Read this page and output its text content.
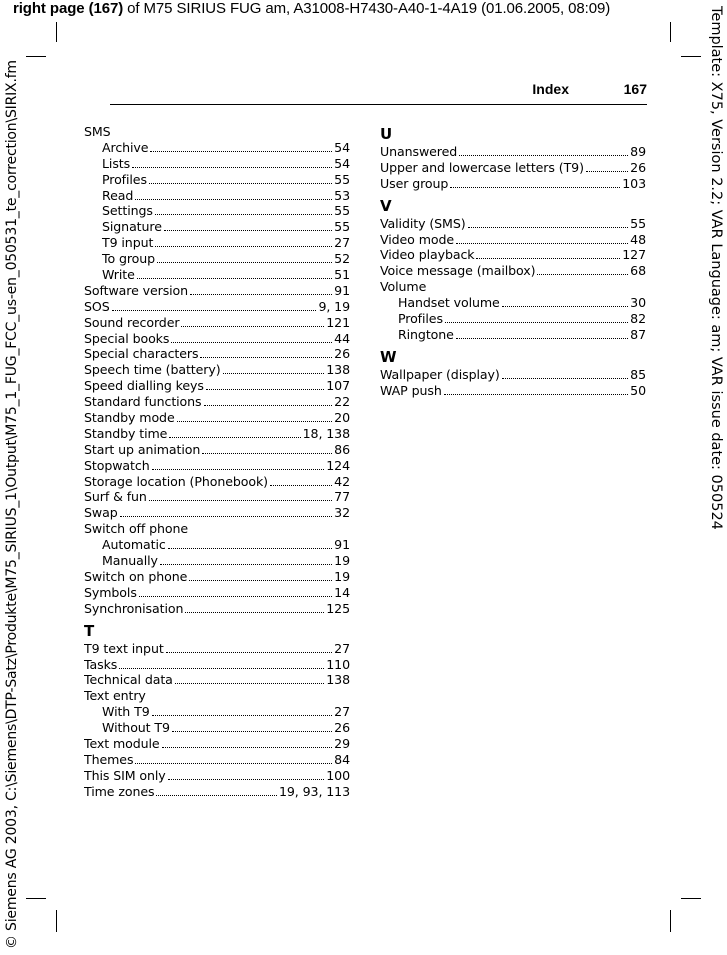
right page (167) of M75 SIRIUS FUG am, A31008-H7430-A40-1-4A19 (01.06.2005, 08:09)
© Siemens AG 2003, C:\Siemens\DTP-Satz\Produkte\M75_SIRIUS_1\Output\M75_1_FUG_FCC_us-en_050531_te_correction\SIRIX.fm	Template: X75, Version 2.2; VAR Language: am; VAR issue date: 050524
Index	167
SMS
Archive	54
Lists	54
Profiles	55
Read	53
Settings	55
Signature	55
T9 input	27
To group	52
Write	51
Software version	91
SOS	9, 19
Sound recorder	121
Special books	44
Special characters	26
Speech time (battery)	138
Speed dialling keys	107
Standard functions	22
Standby mode	20
Standby time	18, 138
Start up animation	86
Stopwatch	124
Storage location (Phonebook)	42
Surf & fun	77
Swap	32
Switch off phone
Automatic	91
Manually	19
Switch on phone	19
Symbols	14
Synchronisation	125
T
T9 text input	27
Tasks	110
Technical data	138
Text entry
With T9	27
Without T9	26
Text module	29
Themes	84
This SIM only	100
Time zones	19, 93, 113
U
Unanswered	89
Upper and lowercase letters (T9)	26
User group	103
V
Validity (SMS)	55
Video mode	48
Video playback	127
Voice message (mailbox)	68
Volume
Handset volume	30
Profiles	82
Ringtone	87
W
Wallpaper (display)	85
WAP push	50
